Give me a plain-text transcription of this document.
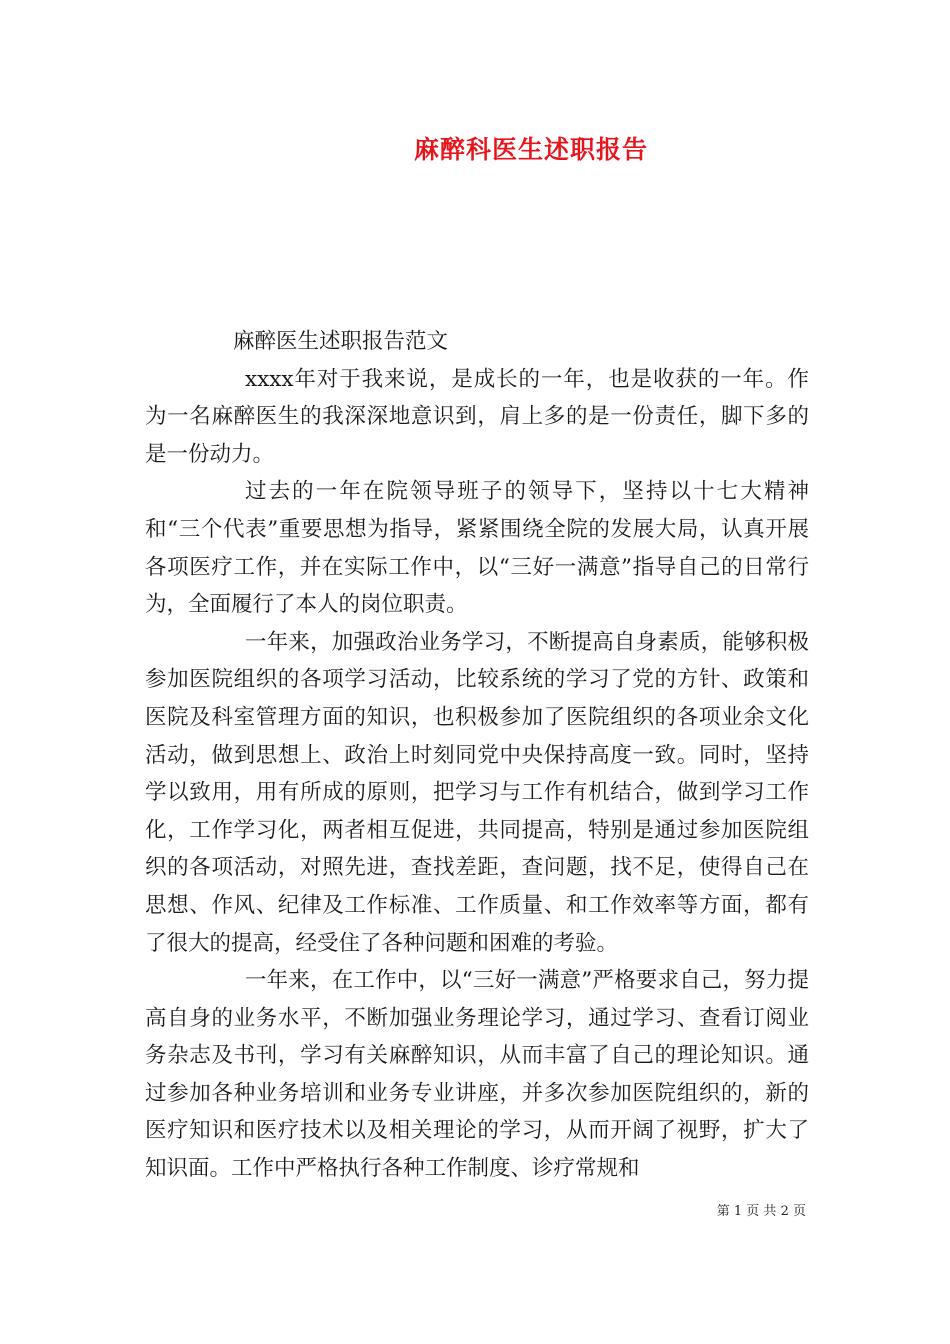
麻醉科医生述职报告

麻醉医生述职报告范文

xxxx年对于我来说，是成长的一年，也是收获的一年。作为一名麻醉医生的我深深地意识到，肩上多的是一份责任，脚下多的是一份动力。

过去的一年在院领导班子的领导下，坚持以十七大精神和“三个代表”重要思想为指导，紧紧围绕全院的发展大局，认真开展各项医疗工作，并在实际工作中，以“三好一满意”指导自己的日常行为，全面履行了本人的岗位职责。

一年来，加强政治业务学习，不断提高自身素质，能够积极参加医院组织的各项学习活动，比较系统的学习了党的方针、政策和医院及科室管理方面的知识，也积极参加了医院组织的各项业余文化活动，做到思想上、政治上时刻同党中央保持高度一致。同时，坚持学以致用，用有所成的原则，把学习与工作有机结合，做到学习工作化，工作学习化，两者相互促进，共同提高，特别是通过参加医院组织的各项活动，对照先进，查找差距，查问题，找不足，使得自己在思想、作风、纪律及工作标准、工作质量、和工作效率等方面，都有了很大的提高，经受住了各种问题和困难的考验。

一年来，在工作中，以“三好一满意”严格要求自己，努力提高自身的业务水平，不断加强业务理论学习，通过学习、查看订阅业务杂志及书刊，学习有关麻醉知识，从而丰富了自己的理论知识。通过参加各种业务培训和业务专业讲座，并多次参加医院组织的，新的医疗知识和医疗技术以及相关理论的学习，从而开阔了视野，扩大了知识面。工作中严格执行各种工作制度、诊疗常规和

第 1 页 共 2 页
